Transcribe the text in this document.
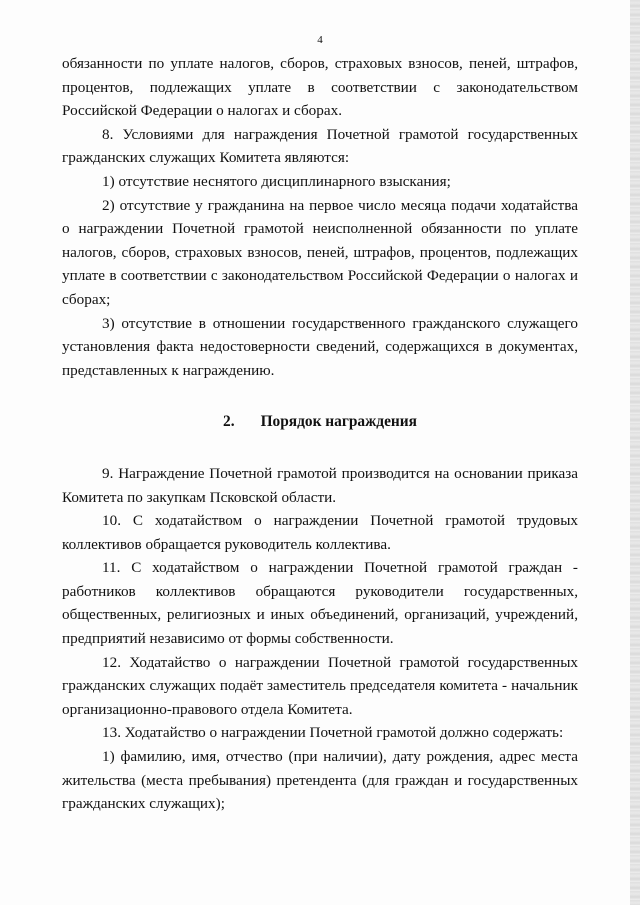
4

обязанности по уплате налогов, сборов, страховых взносов, пеней, штрафов, процентов, подлежащих уплате в соответствии с законодательством Российской Федерации о налогах и сборах.

8. Условиями для награждения Почетной грамотой государственных гражданских служащих Комитета являются:

1) отсутствие неснятого дисциплинарного взыскания;

2) отсутствие у гражданина на первое число месяца подачи ходатайства о награждении Почетной грамотой неисполненной обязанности по уплате налогов, сборов, страховых взносов, пеней, штрафов, процентов, подлежащих уплате в соответствии с законодательством Российской Федерации о налогах и сборах;

3) отсутствие в отношении государственного гражданского служащего установления факта недостоверности сведений, содержащихся в документах, представленных к награждению.

2. Порядок награждения

9. Награждение Почетной грамотой производится на основании приказа Комитета по закупкам Псковской области.

10. С ходатайством о награждении Почетной грамотой трудовых коллективов обращается руководитель коллектива.

11. С ходатайством о награждении Почетной грамотой граждан - работников коллективов обращаются руководители государственных, общественных, религиозных и иных объединений, организаций, учреждений, предприятий независимо от формы собственности.

12. Ходатайство о награждении Почетной грамотой государственных гражданских служащих подаёт заместитель председателя комитета - начальник организационно-правового отдела Комитета.

13. Ходатайство о награждении Почетной грамотой должно содержать:

1) фамилию, имя, отчество (при наличии), дату рождения, адрес места жительства (места пребывания) претендента (для граждан и государственных гражданских служащих);
